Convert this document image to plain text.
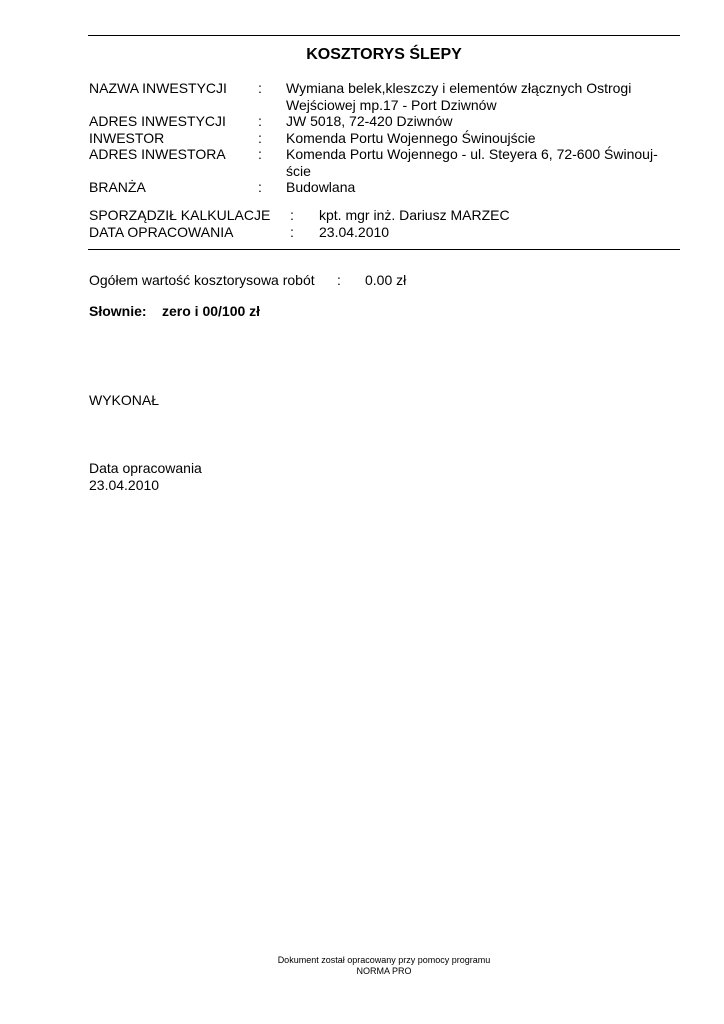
KOSZTORYS ŚLEPY
NAZWA INWESTYCJI : Wymiana belek,kleszczy i elementów złącznych Ostrogi
Wejściowej mp.17 - Port Dziwnów
ADRES INWESTYCJI : JW 5018, 72-420 Dziwnów
INWESTOR	: Komenda Portu Wojennego Świnoujście
ADRES INWESTORA : Komenda Portu Wojennego - ul. Steyera 6, 72-600 Świnouj-
ście
BRANŻA	: Budowlana
SPORZĄDZIŁ KALKULACJE : kpt. mgr inż. Dariusz MARZEC
DATA OPRACOWANIA	: 23.04.2010
Ogółem wartość kosztorysowa robót : 0.00 zł
Słownie: zero i 00/100 zł
WYKONAŁ
Data opracowania
23.04.2010
Dokument został opracowany przy pomocy programu
NORMA PRO
